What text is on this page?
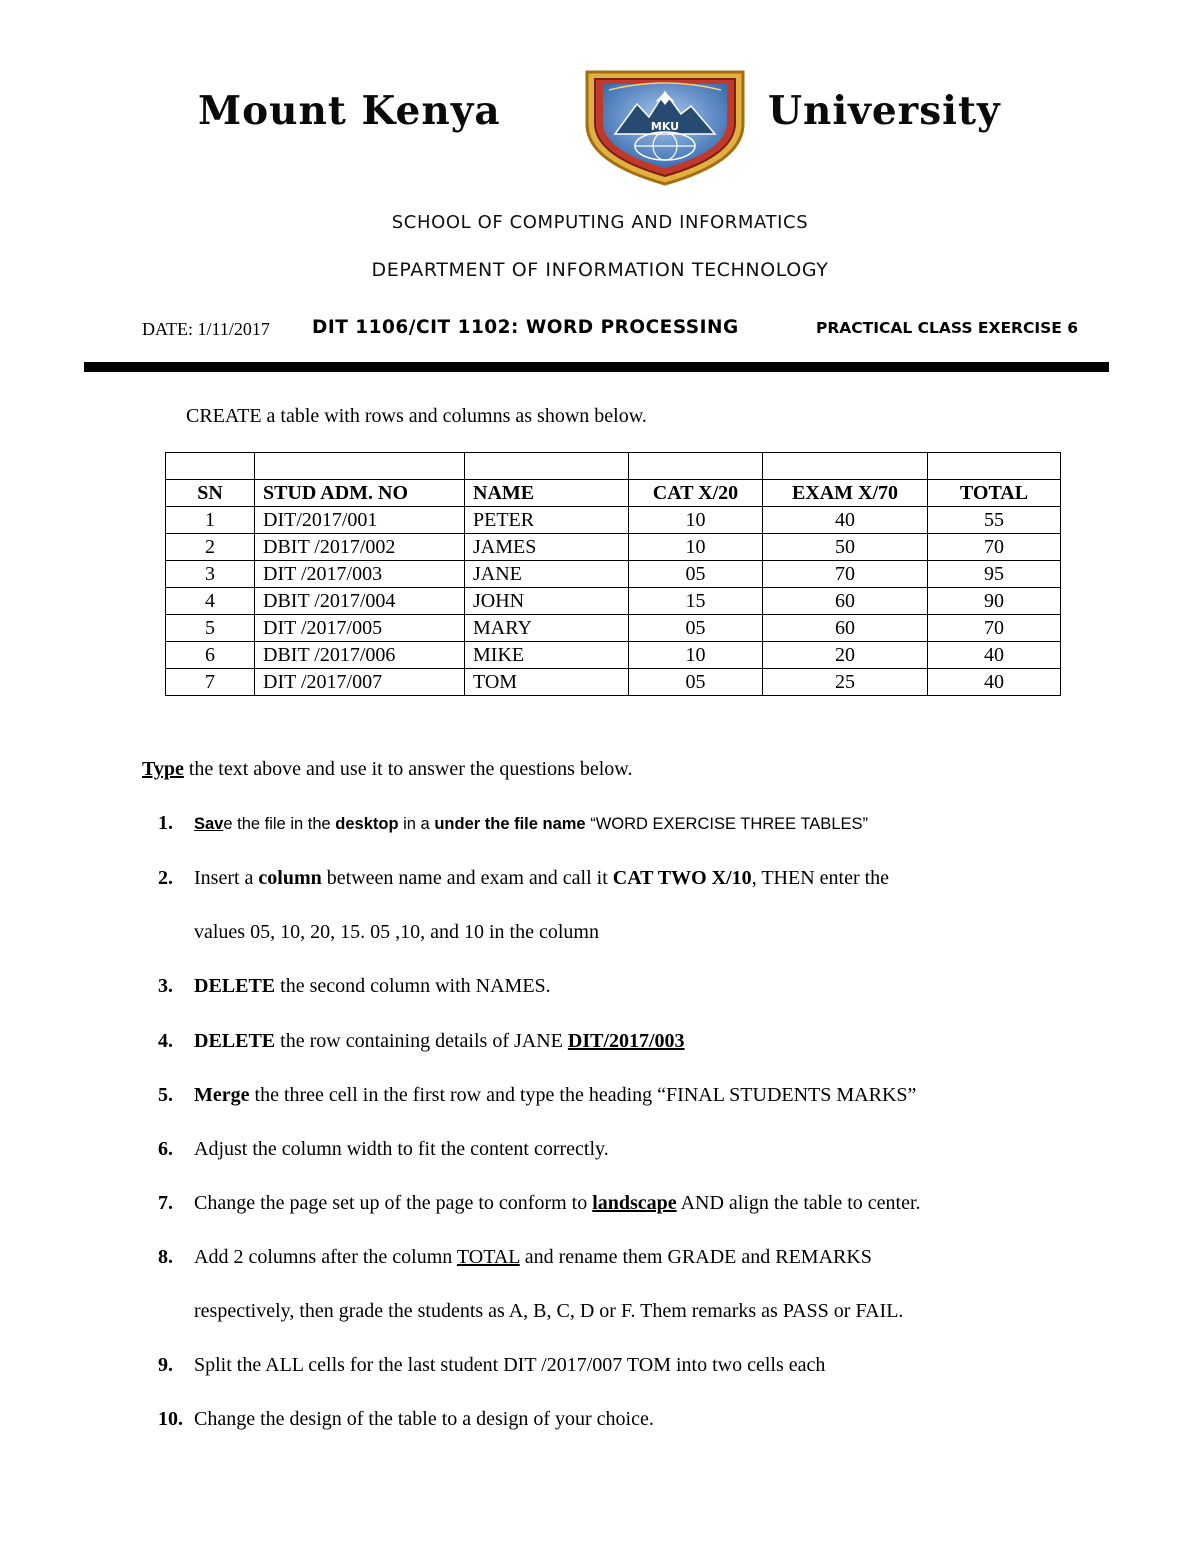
Mount Kenya	MKU University
SCHOOL OF COMPUTING AND INFORMATICS
DEPARTMENT OF INFORMATION TECHNOLOGY
DATE: 1/11/2017 DIT 1106/CIT 1102: WORD PROCESSING	PRACTICAL CLASS EXERCISE 6
CREATE a table with rows and columns as shown below.

SN	STUD ADM. NO	NAME	CAT X/20	EXAM X/70	TOTAL
1	DIT/2017/001	PETER	10	40	55
2	DBIT /2017/002	JAMES	10	50	70
3	DIT /2017/003	JANE	05	70	95
4	DBIT /2017/004	JOHN	15	60	90
5	DIT /2017/005	MARY	05	60	70
6	DBIT /2017/006	MIKE	10	20	40
7	DIT /2017/007	TOM	05	25	40
Type the text above and use it to answer the questions below.
1. Save the file in the desktop in a under the file name “WORD EXERCISE THREE TABLES”
2. Insert a column between name and exam and call it CAT TWO X/10, THEN enter the
values 05, 10, 20, 15. 05 ,10, and 10 in the column
3. DELETE the second column with NAMES.
4. DELETE the row containing details of JANE DIT/2017/003
5. Merge the three cell in the first row and type the heading “FINAL STUDENTS MARKS”
6. Adjust the column width to fit the content correctly.
7. Change the page set up of the page to conform to landscape AND align the table to center.
8. Add 2 columns after the column TOTAL and rename them GRADE and REMARKS
respectively, then grade the students as A, B, C, D or F. Them remarks as PASS or FAIL.
9. Split the ALL cells for the last student DIT /2017/007 TOM into two cells each
10. Change the design of the table to a design of your choice.
